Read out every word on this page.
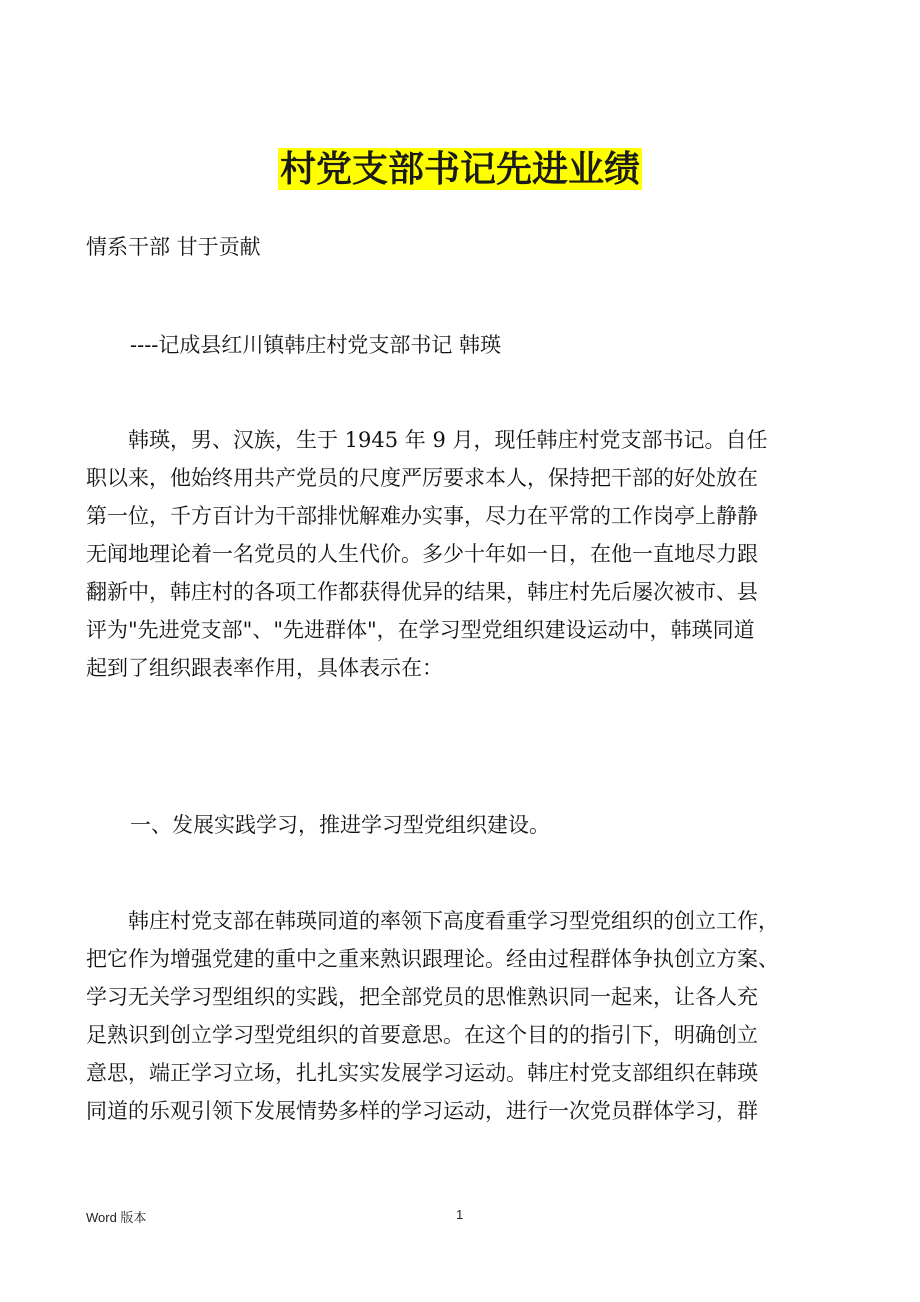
村党支部书记先进业绩
情系干部 甘于贡献
----记成县红川镇韩庄村党支部书记 韩瑛
韩瑛，男、汉族，生于 1945 年 9 月，现任韩庄村党支部书记。自任
职以来，他始终用共产党员的尺度严厉要求本人，保持把干部的好处放在
第一位，千方百计为干部排忧解难办实事，尽力在平常的工作岗亭上静静
无闻地理论着一名党员的人生代价。多少十年如一日，在他一直地尽力跟
翻新中，韩庄村的各项工作都获得优异的结果，韩庄村先后屡次被市、县
评为"先进党支部"、"先进群体"，在学习型党组织建设运动中，韩瑛同道
起到了组织跟表率作用，具体表示在：
一、发展实践学习，推进学习型党组织建设。
韩庄村党支部在韩瑛同道的率领下高度看重学习型党组织的创立工作，
把它作为增强党建的重中之重来熟识跟理论。经由过程群体争执创立方案、
学习无关学习型组织的实践，把全部党员的思惟熟识同一起来，让各人充
足熟识到创立学习型党组织的首要意思。在这个目的的指引下，明确创立
意思，端正学习立场，扎扎实实发展学习运动。韩庄村党支部组织在韩瑛
同道的乐观引领下发展情势多样的学习运动，进行一次党员群体学习，群
Word 版本	1
